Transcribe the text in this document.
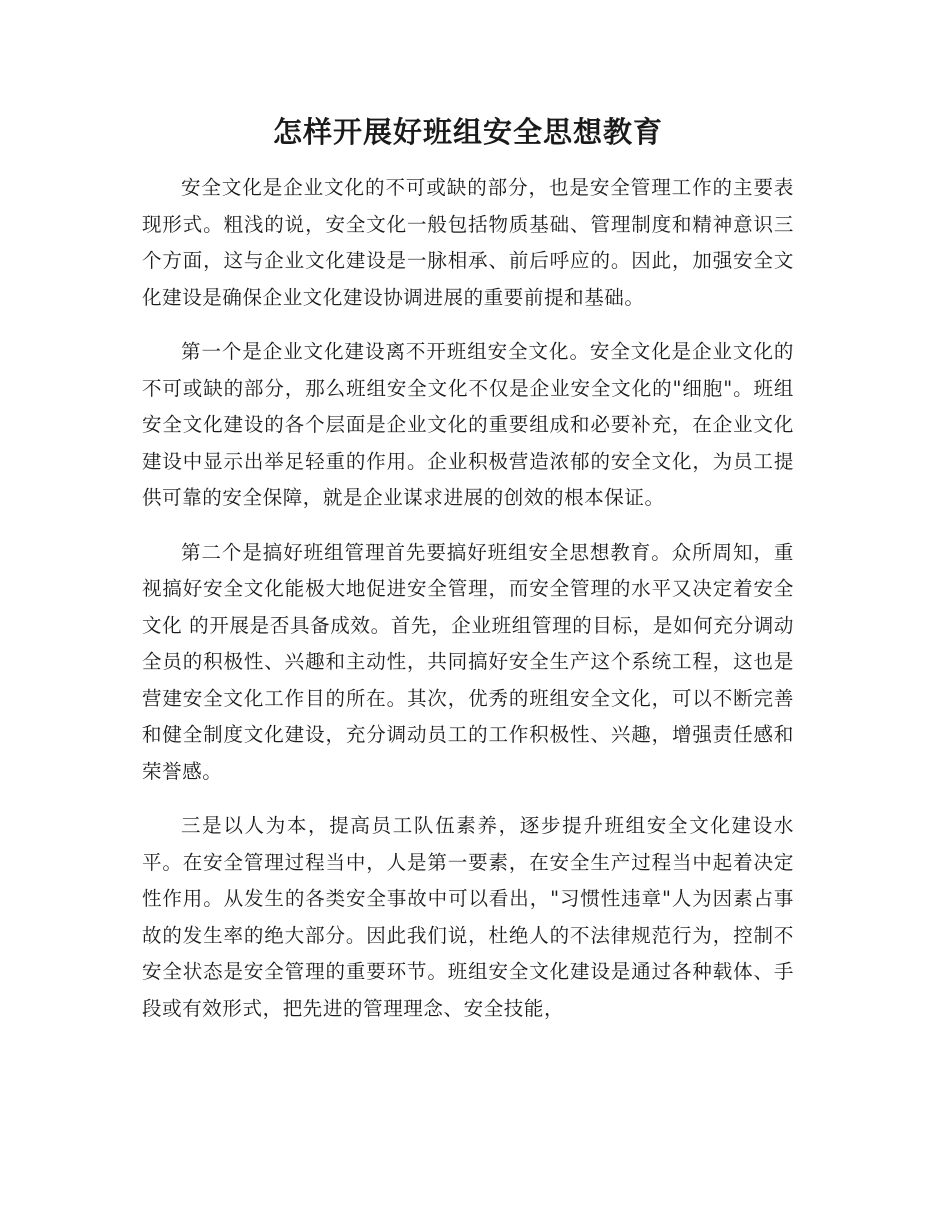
怎样开展好班组安全思想教育

安全文化是企业文化的不可或缺的部分，也是安全管理工作的主要表现形式。粗浅的说，安全文化一般包括物质基础、管理制度和精神意识三个方面，这与企业文化建设是一脉相承、前后呼应的。因此，加强安全文化建设是确保企业文化建设协调进展的重要前提和基础。

第一个是企业文化建设离不开班组安全文化。安全文化是企业文化的不可或缺的部分，那么班组安全文化不仅是企业安全文化的"细胞"。班组安全文化建设的各个层面是企业文化的重要组成和必要补充，在企业文化建设中显示出举足轻重的作用。企业积极营造浓郁的安全文化，为员工提供可靠的安全保障，就是企业谋求进展的创效的根本保证。

第二个是搞好班组管理首先要搞好班组安全思想教育。众所周知，重视搞好安全文化能极大地促进安全管理，而安全管理的水平又决定着安全文化 的开展是否具备成效。首先，企业班组管理的目标，是如何充分调动全员的积极性、兴趣和主动性，共同搞好安全生产这个系统工程，这也是营建安全文化工作目的所在。其次，优秀的班组安全文化，可以不断完善和健全制度文化建设，充分调动员工的工作积极性、兴趣，增强责任感和荣誉感。

三是以人为本，提高员工队伍素养，逐步提升班组安全文化建设水平。在安全管理过程当中，人是第一要素，在安全生产过程当中起着决定性作用。从发生的各类安全事故中可以看出，"习惯性违章"人为因素占事故的发生率的绝大部分。因此我们说，杜绝人的不法律规范行为，控制不安全状态是安全管理的重要环节。班组安全文化建设是通过各种载体、手段或有效形式，把先进的管理理念、安全技能，
